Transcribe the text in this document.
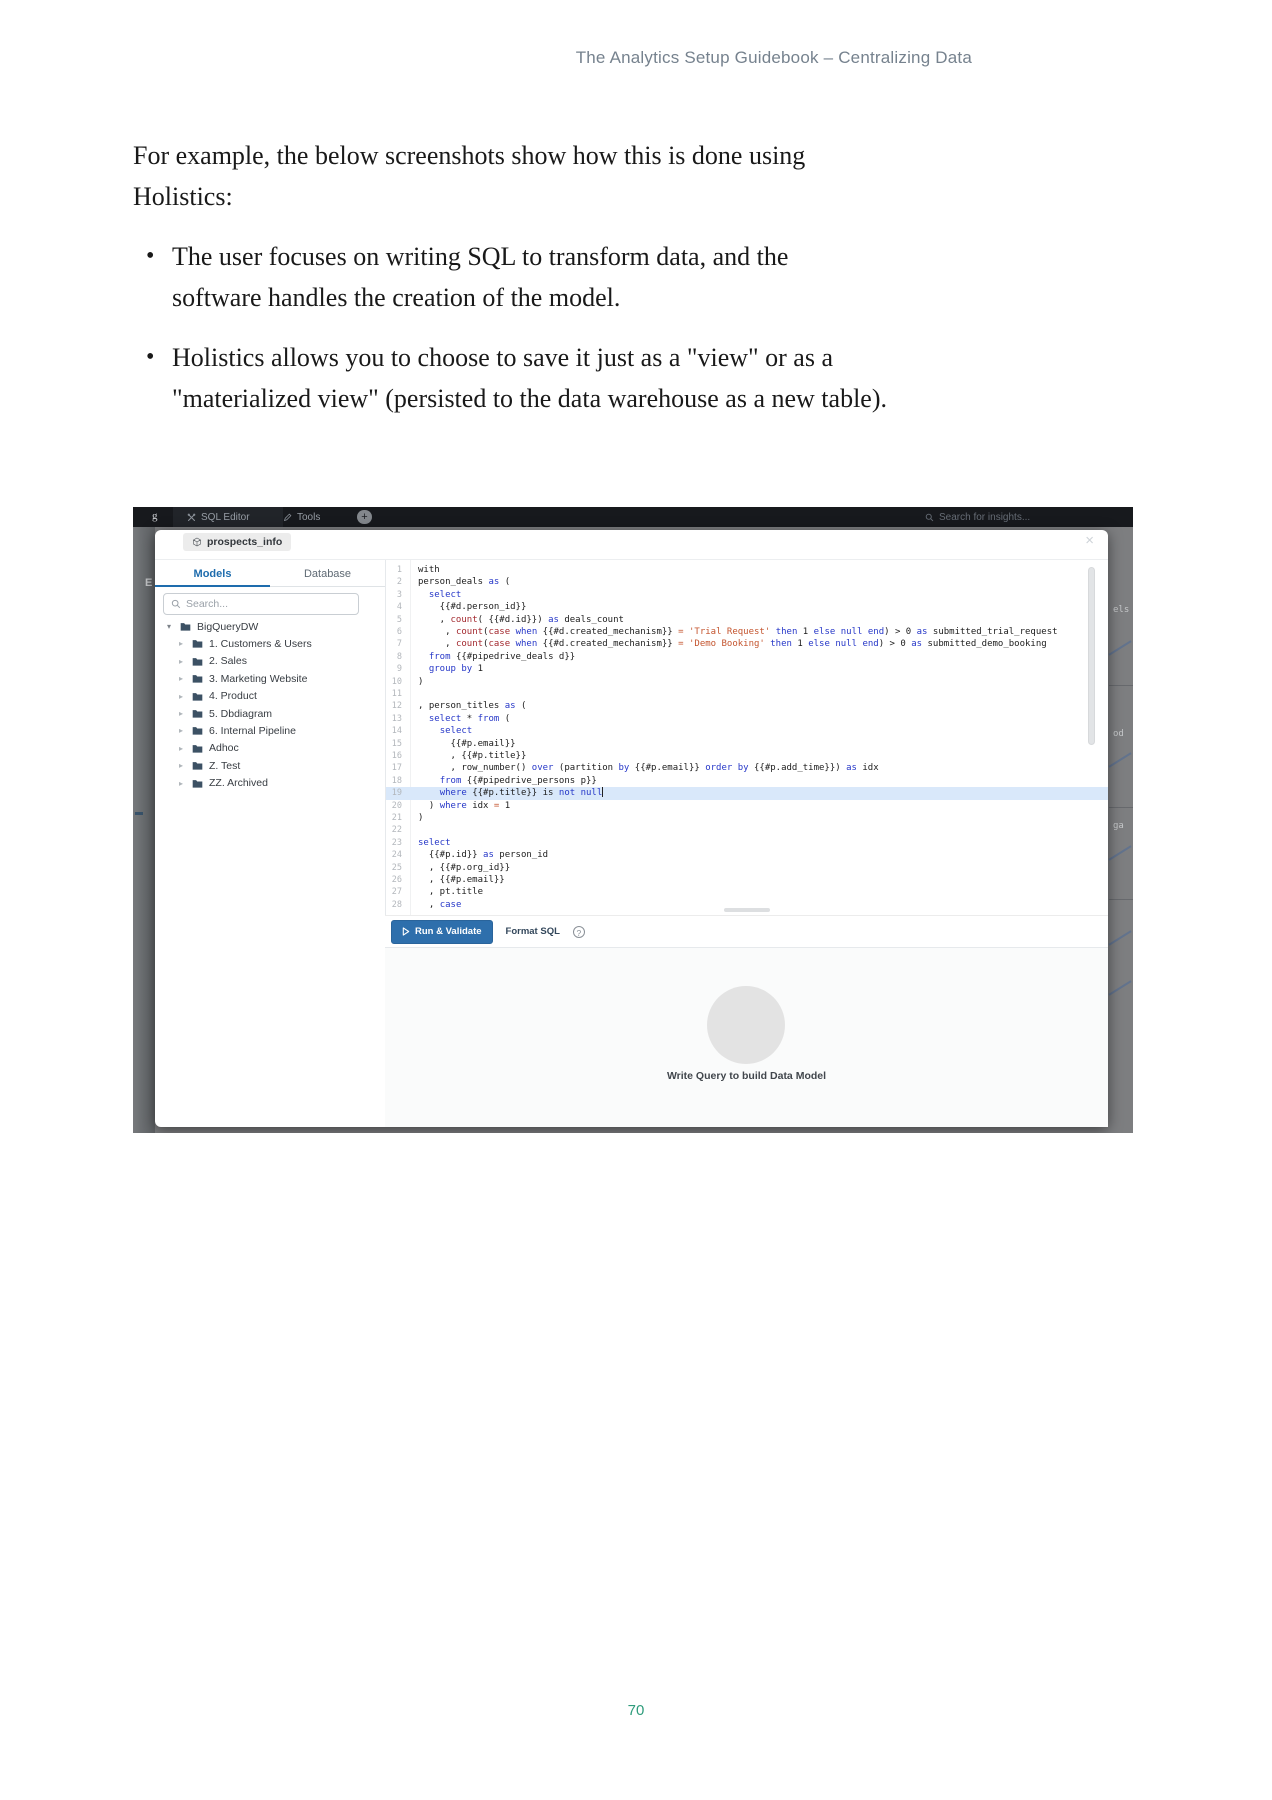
The Analytics Setup Guidebook – Centralizing Data
For example, the below screenshots show how this is done using
Holistics:
• The user focuses on writing SQL to transform data, and the
software handles the creation of the model.
• Holistics allows you to choose to save it just as a "view" or as a
"materialized view" (persisted to the data warehouse as a new table).
g	SQL Editor	Tools	+
Search for insights...
E
els
od
ga
prospects_info	×
Models	Database
Search...
▾	BigQueryDW
▸	1. Customers & Users
▸	2. Sales
▸	3. Marketing Website
▸	4. Product
▸	5. Dbdiagram
▸	6. Internal Pipeline
▸	Adhoc
▸	Z. Test
▸	ZZ. Archived
1 with
2 person_deals as (
3	select
4 {{#d.person_id}}
5 , count( {{#d.id}}) as deals_count
6 , count(case when {{#d.created_mechanism}} = 'Trial Request' then 1 else null end) > 0 as submitted_trial_request
7 , count(case when {{#d.created_mechanism}} = 'Demo Booking' then 1 else null end) > 0 as submitted_demo_booking
8	from {{#pipedrive_deals d}}
9	group by 1
10 )
11
12 , person_titles as (
13	select * from (
14	select
15 {{#p.email}}
16 , {{#p.title}}
17 , row_number() over (partition by {{#p.email}} order by {{#p.add_time}}) as idx
18	from {{#pipedrive_persons p}}
19	where {{#p.title}} is not null
20 ) where idx = 1
21 )
22
23 select
24 {{#p.id}} as person_id
25 , {{#p.org_id}}
26 , {{#p.email}}
27 , pt.title
28 , case
Run & Validate	Format SQL	?
Write Query to build Data Model
70
